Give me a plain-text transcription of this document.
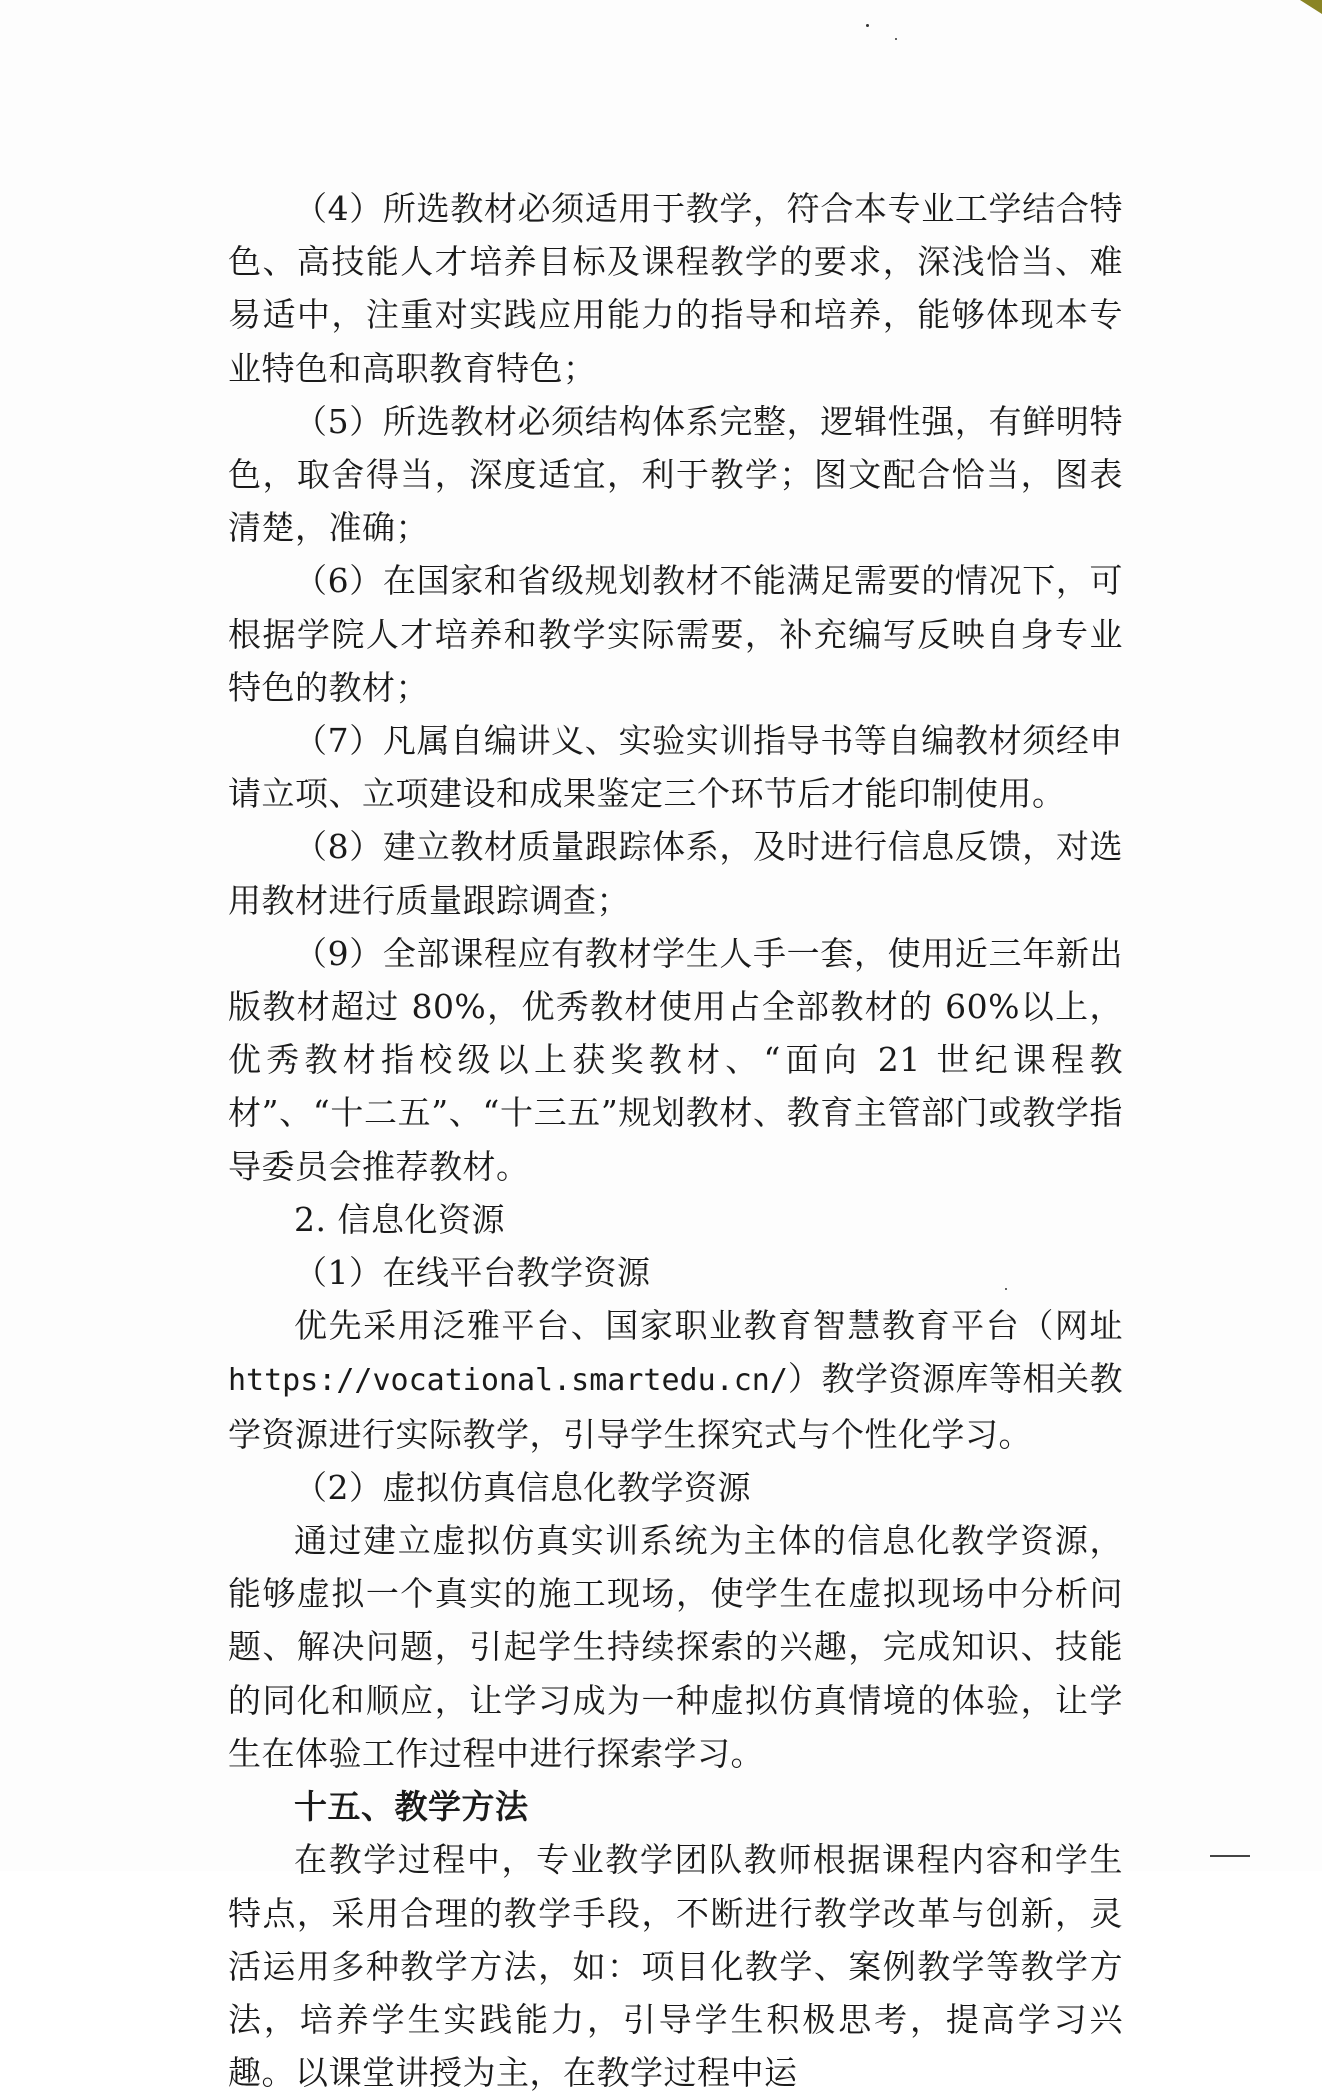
（4）所选教材必须适用于教学，符合本专业工学结合特色、高技能人才培养目标及课程教学的要求，深浅恰当、难易适中，注重对实践应用能力的指导和培养，能够体现本专业特色和高职教育特色；

（5）所选教材必须结构体系完整，逻辑性强，有鲜明特色，取舍得当，深度适宜，利于教学；图文配合恰当，图表清楚，准确；

（6）在国家和省级规划教材不能满足需要的情况下，可根据学院人才培养和教学实际需要，补充编写反映自身专业特色的教材；

（7）凡属自编讲义、实验实训指导书等自编教材须经申请立项、立项建设和成果鉴定三个环节后才能印制使用。

（8）建立教材质量跟踪体系，及时进行信息反馈，对选用教材进行质量跟踪调查；

（9）全部课程应有教材学生人手一套，使用近三年新出版教材超过 80%，优秀教材使用占全部教材的 60%以上，优秀教材指校级以上获奖教材、“面向 21 世纪课程教材”、“十二五”、“十三五”规划教材、教育主管部门或教学指导委员会推荐教材。

2. 信息化资源

（1）在线平台教学资源

优先采用泛雅平台、国家职业教育智慧教育平台（网址https://vocational.smartedu.cn/）教学资源库等相关教学资源进行实际教学，引导学生探究式与个性化学习。

（2）虚拟仿真信息化教学资源

通过建立虚拟仿真实训系统为主体的信息化教学资源，能够虚拟一个真实的施工现场，使学生在虚拟现场中分析问题、解决问题，引起学生持续探索的兴趣，完成知识、技能的同化和顺应，让学习成为一种虚拟仿真情境的体验，让学生在体验工作过程中进行探索学习。

十五、教学方法

在教学过程中，专业教学团队教师根据课程内容和学生特点，采用合理的教学手段，不断进行教学改革与创新，灵活运用多种教学方法，如：项目化教学、案例教学等教学方法，培养学生实践能力，引导学生积极思考，提高学习兴趣。以课堂讲授为主，在教学过程中运
